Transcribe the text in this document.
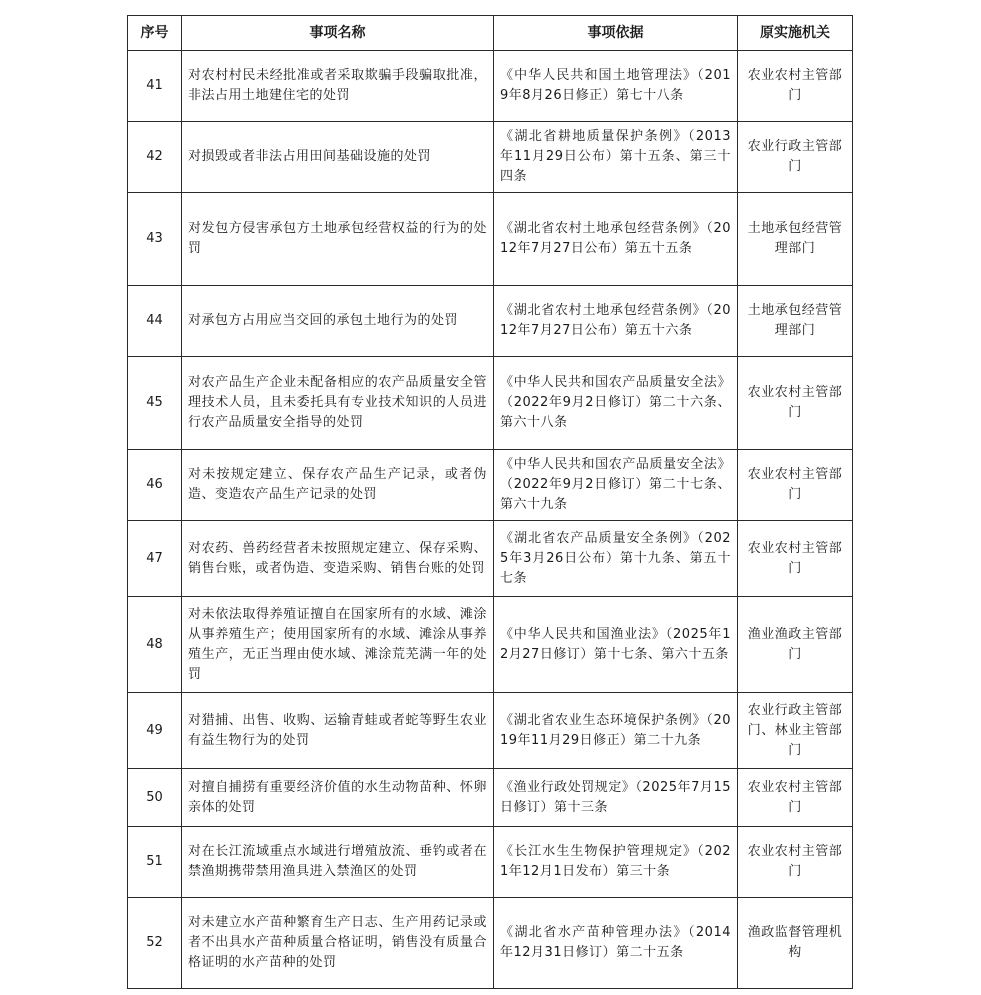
序号	事项名称	事项依据	原实施机关
41	对农村村民未经批准或者采取欺骗手段骗取批准，非法占用土地建住宅的处罚	《中华人民共和国土地管理法》（2019年8月26日修正）第七十八条	农业农村主管部门
42	对损毁或者非法占用田间基础设施的处罚	《湖北省耕地质量保护条例》（2013年11月29日公布）第十五条、第三十四条	农业行政主管部门
43	对发包方侵害承包方土地承包经营权益的行为的处罚	《湖北省农村土地承包经营条例》（2012年7月27日公布）第五十五条	土地承包经营管理部门
44	对承包方占用应当交回的承包土地行为的处罚	《湖北省农村土地承包经营条例》（2012年7月27日公布）第五十六条	土地承包经营管理部门
45	对农产品生产企业未配备相应的农产品质量安全管理技术人员，且未委托具有专业技术知识的人员进行农产品质量安全指导的处罚	《中华人民共和国农产品质量安全法》（2022年9月2日修订）第二十六条、第六十八条	农业农村主管部门
46	对未按规定建立、保存农产品生产记录，或者伪造、变造农产品生产记录的处罚	《中华人民共和国农产品质量安全法》（2022年9月2日修订）第二十七条、第六十九条	农业农村主管部门
47	对农药、兽药经营者未按照规定建立、保存采购、销售台账，或者伪造、变造采购、销售台账的处罚	《湖北省农产品质量安全条例》（2025年3月26日公布）第十九条、第五十七条	农业农村主管部门
48	对未依法取得养殖证擅自在国家所有的水域、滩涂从事养殖生产；使用国家所有的水域、滩涂从事养殖生产，无正当理由使水域、滩涂荒芜满一年的处罚	《中华人民共和国渔业法》（2025年12月27日修订）第十七条、第六十五条	渔业渔政主管部门
49	对猎捕、出售、收购、运输青蛙或者蛇等野生农业有益生物行为的处罚	《湖北省农业生态环境保护条例》（2019年11月29日修正）第二十九条	农业行政主管部门、林业主管部门
50	对擅自捕捞有重要经济价值的水生动物苗种、怀卵亲体的处罚	《渔业行政处罚规定》（2025年7月15日修订）第十三条	农业农村主管部门
51	对在长江流域重点水域进行增殖放流、垂钓或者在禁渔期携带禁用渔具进入禁渔区的处罚	《长江水生生物保护管理规定》（2021年12月1日发布）第三十条	农业农村主管部门
52	对未建立水产苗种繁育生产日志、生产用药记录或者不出具水产苗种质量合格证明，销售没有质量合格证明的水产苗种的处罚	《湖北省水产苗种管理办法》（2014年12月31日修订）第二十五条	渔政监督管理机构
